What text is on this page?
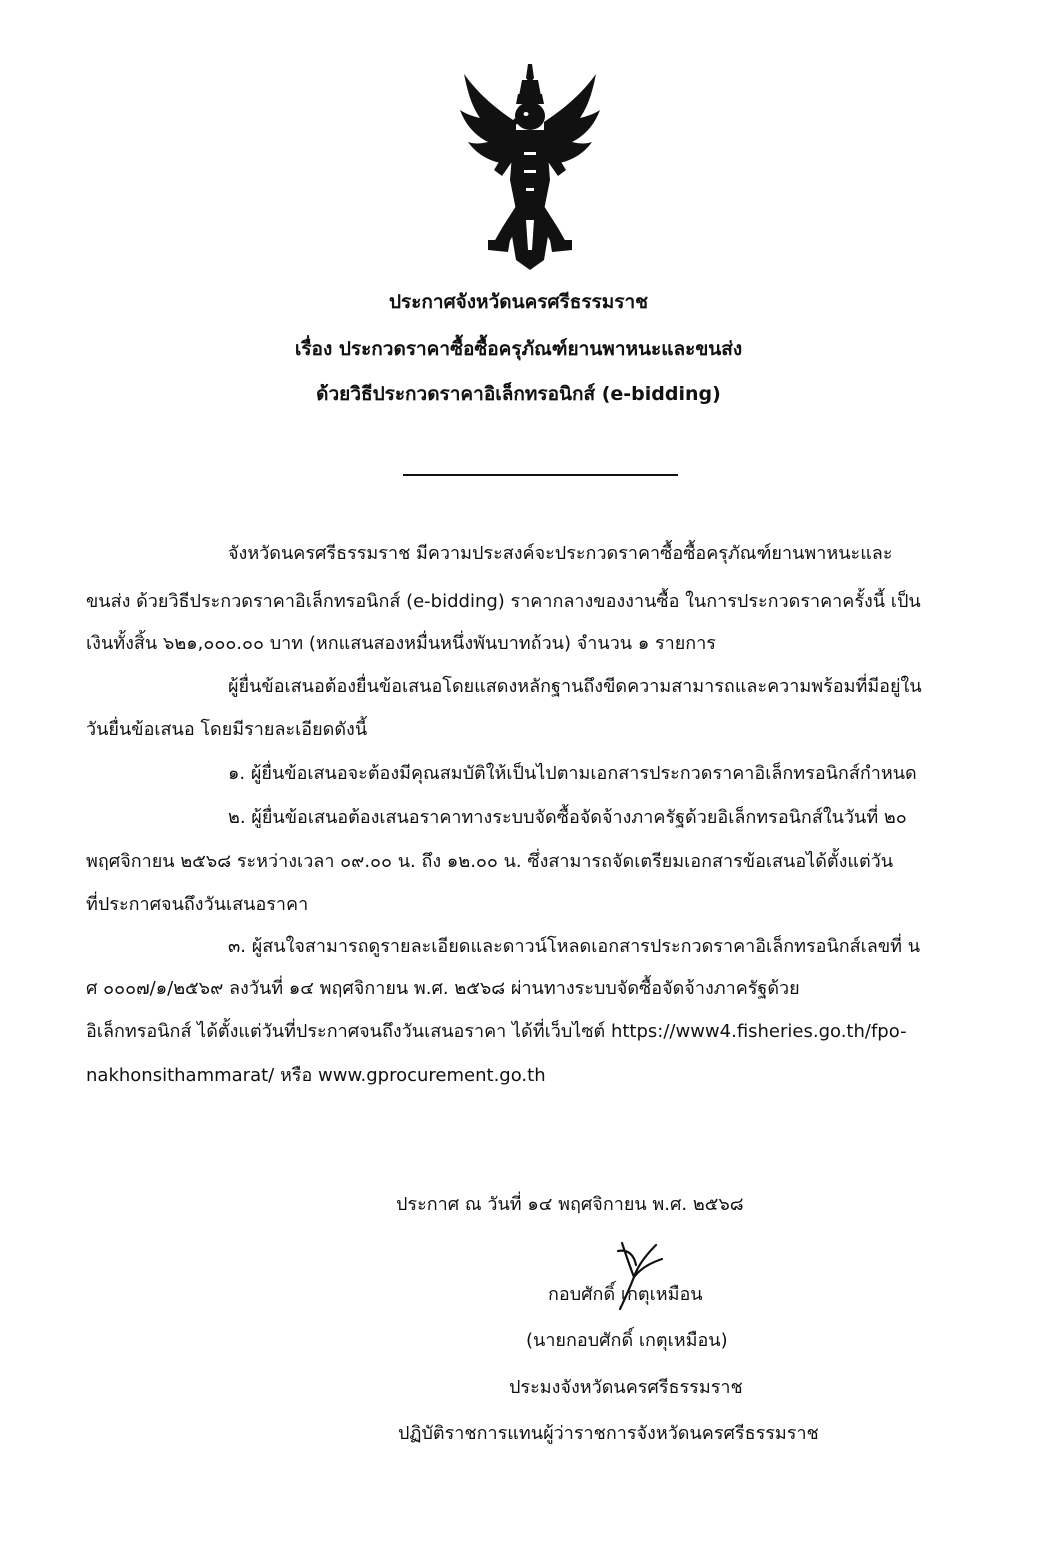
ประกาศจังหวัดนครศรีธรรมราช
เรื่อง ประกวดราคาซื้อซื้อครุภัณฑ์ยานพาหนะและขนส่ง
ด้วยวิธีประกวดราคาอิเล็กทรอนิกส์ (e-bidding)
จังหวัดนครศรีธรรมราช มีความประสงค์จะประกวดราคาซื้อซื้อครุภัณฑ์ยานพาหนะและ
ขนส่ง ด้วยวิธีประกวดราคาอิเล็กทรอนิกส์ (e-bidding) ราคากลางของงานซื้อ ในการประกวดราคาครั้งนี้ เป็น
เงินทั้งสิ้น ๖๒๑,๐๐๐.๐๐ บาท (หกแสนสองหมื่นหนึ่งพันบาทถ้วน) จำนวน ๑ รายการ
ผู้ยื่นข้อเสนอต้องยื่นข้อเสนอโดยแสดงหลักฐานถึงขีดความสามารถและความพร้อมที่มีอยู่ใน
วันยื่นข้อเสนอ โดยมีรายละเอียดดังนี้
๑. ผู้ยื่นข้อเสนอจะต้องมีคุณสมบัติให้เป็นไปตามเอกสารประกวดราคาอิเล็กทรอนิกส์กำหนด
๒. ผู้ยื่นข้อเสนอต้องเสนอราคาทางระบบจัดซื้อจัดจ้างภาครัฐด้วยอิเล็กทรอนิกส์ในวันที่ ๒๐
พฤศจิกายน ๒๕๖๘ ระหว่างเวลา ๐๙.๐๐ น. ถึง ๑๒.๐๐ น. ซึ่งสามารถจัดเตรียมเอกสารข้อเสนอได้ตั้งแต่วัน
ที่ประกาศจนถึงวันเสนอราคา
๓. ผู้สนใจสามารถดูรายละเอียดและดาวน์โหลดเอกสารประกวดราคาอิเล็กทรอนิกส์เลขที่ น
ศ ๐๐๐๗/๑/๒๕๖๙ ลงวันที่ ๑๔ พฤศจิกายน พ.ศ. ๒๕๖๘ ผ่านทางระบบจัดซื้อจัดจ้างภาครัฐด้วย
อิเล็กทรอนิกส์ ได้ตั้งแต่วันที่ประกาศจนถึงวันเสนอราคา ได้ที่เว็บไซต์ https://www4.fisheries.go.th/fpo-
nakhonsithammarat/ หรือ www.gprocurement.go.th
ประกาศ ณ วันที่ ๑๔ พฤศจิกายน พ.ศ. ๒๕๖๘
กอบศักดิ์ เกตุเหมือน
(นายกอบศักดิ์ เกตุเหมือน)
ประมงจังหวัดนครศรีธรรมราช
ปฏิบัติราชการแทนผู้ว่าราชการจังหวัดนครศรีธรรมราช
